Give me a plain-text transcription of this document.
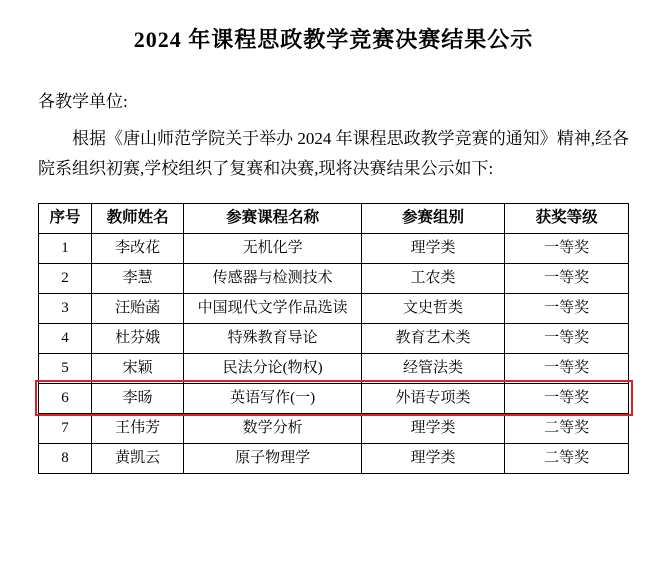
2024 年课程思政教学竞赛决赛结果公示
各教学单位:
根据《唐山师范学院关于举办 2024 年课程思政教学竞赛的通知》精神,经各院系组织初赛,学校组织了复赛和决赛,现将决赛结果公示如下:
序号	教师姓名	参赛课程名称	参赛组别	获奖等级
1	李改花	无机化学	理学类	一等奖
2	李慧	传感器与检测技术	工农类	一等奖
3	汪贻菡	中国现代文学作品选读	文史哲类	一等奖
4	杜芬娥	特殊教育导论	教育艺术类	一等奖
5	宋颖	民法分论(物权)	经管法类	一等奖
6	李旸	英语写作(一)	外语专项类	一等奖
7	王伟芳	数学分析	理学类	二等奖
8	黄凯云	原子物理学	理学类	二等奖
